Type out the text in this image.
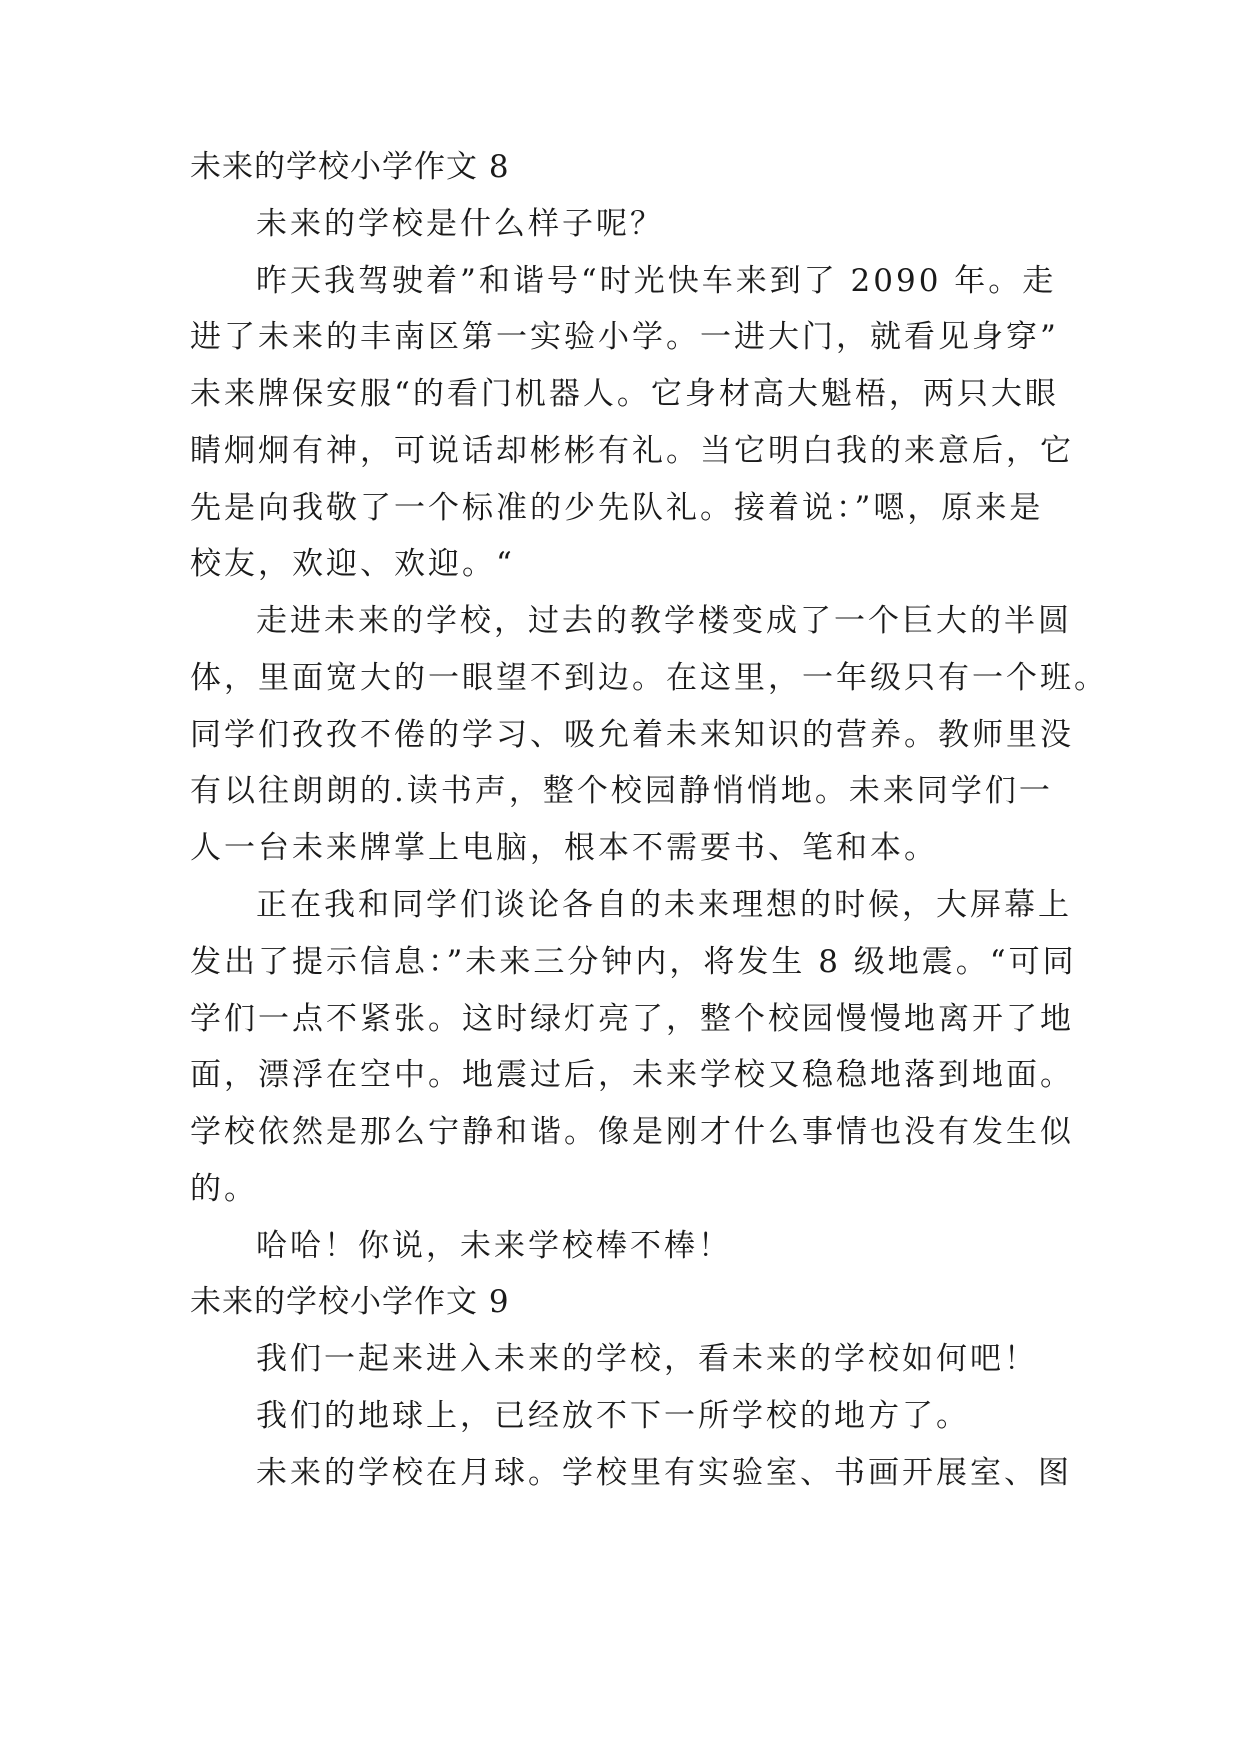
未来的学校小学作文 8
未来的学校是什么样子呢？
昨天我驾驶着”和谐号“时光快车来到了 2090 年。走
进了未来的丰南区第一实验小学。一进大门，就看见身穿”
未来牌保安服“的看门机器人。它身材高大魁梧，两只大眼
睛炯炯有神，可说话却彬彬有礼。当它明白我的来意后，它
先是向我敬了一个标准的少先队礼。接着说：”嗯，原来是
校友，欢迎、欢迎。“
走进未来的学校，过去的教学楼变成了一个巨大的半圆
体，里面宽大的一眼望不到边。在这里，一年级只有一个班。
同学们孜孜不倦的学习、吸允着未来知识的营养。教师里没
有以往朗朗的.读书声，整个校园静悄悄地。未来同学们一
人一台未来牌掌上电脑，根本不需要书、笔和本。
正在我和同学们谈论各自的未来理想的时候，大屏幕上
发出了提示信息：”未来三分钟内，将发生 8 级地震。“可同
学们一点不紧张。这时绿灯亮了，整个校园慢慢地离开了地
面，漂浮在空中。地震过后，未来学校又稳稳地落到地面。
学校依然是那么宁静和谐。像是刚才什么事情也没有发生似
的。
哈哈！你说，未来学校棒不棒！
未来的学校小学作文 9
我们一起来进入未来的学校，看未来的学校如何吧！
我们的地球上，已经放不下一所学校的地方了。
未来的学校在月球。学校里有实验室、书画开展室、图
